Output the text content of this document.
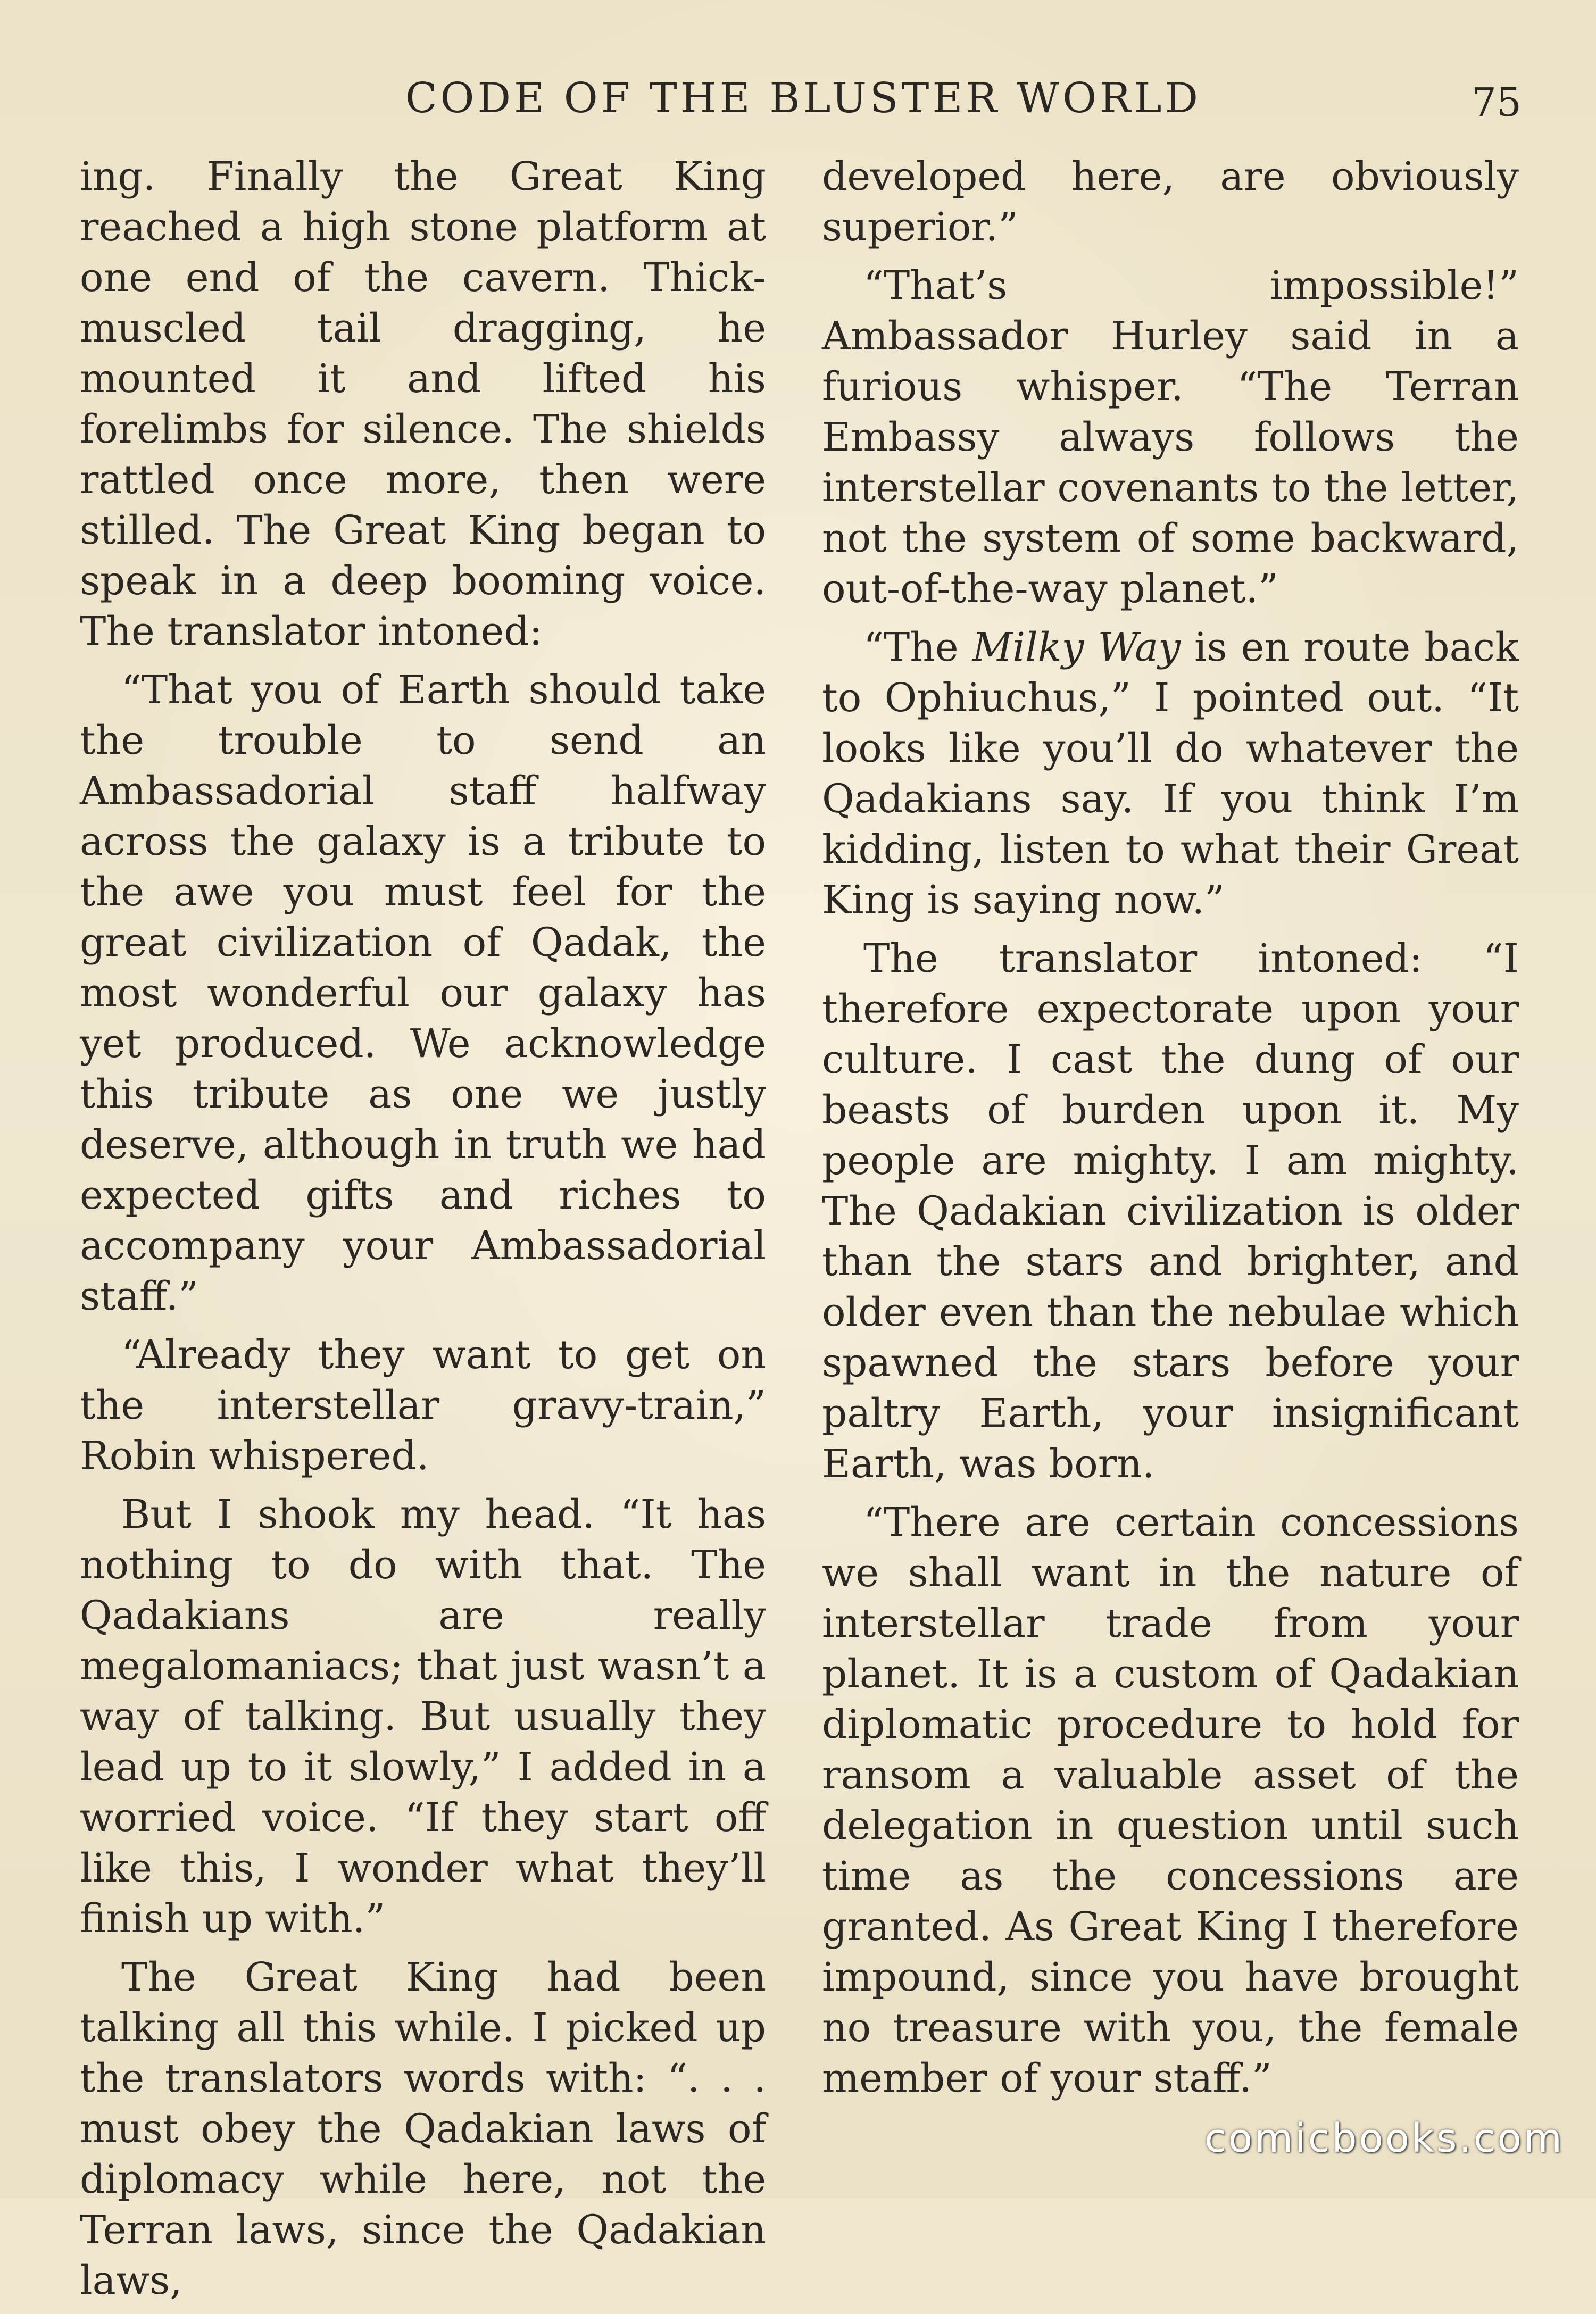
CODE OF THE BLUSTER WORLD	75

ing. Finally the Great King reached a high stone platform at one end of the cavern. Thick-muscled tail dragging, he mounted it and lifted his forelimbs for silence. The shields rattled once more, then were stilled. The Great King began to speak in a deep booming voice. The translator intoned:

“That you of Earth should take the trouble to send an Ambassadorial staff halfway across the galaxy is a tribute to the awe you must feel for the great civilization of Qadak, the most wonderful our galaxy has yet produced. We acknowledge this tribute as one we justly deserve, although in truth we had expected gifts and riches to accompany your Ambassadorial staff.”

“Already they want to get on the interstellar gravy-train,” Robin whispered.

But I shook my head. “It has nothing to do with that. The Qadakians are really megalomaniacs; that just wasn’t a way of talking. But usually they lead up to it slowly,” I added in a worried voice. “If they start off like this, I wonder what they’ll finish up with.”

The Great King had been talking all this while. I picked up the translators words with: “. . . must obey the Qadakian laws of diplomacy while here, not the Terran laws, since the Qadakian laws,

developed here, are obviously superior.”

“That’s impossible!” Ambassador Hurley said in a furious whisper. “The Terran Embassy always follows the interstellar covenants to the letter, not the system of some backward, out-of-the-way planet.”

“The Milky Way is en route back to Ophiuchus,” I pointed out. “It looks like you’ll do whatever the Qadakians say. If you think I’m kidding, listen to what their Great King is saying now.”

The translator intoned: “I therefore expectorate upon your culture. I cast the dung of our beasts of burden upon it. My people are mighty. I am mighty. The Qadakian civilization is older than the stars and brighter, and older even than the nebulae which spawned the stars before your paltry Earth, your insignificant Earth, was born.

“There are certain concessions we shall want in the nature of interstellar trade from your planet. It is a custom of Qadakian diplomatic procedure to hold for ransom a valuable asset of the delegation in question until such time as the concessions are granted. As Great King I therefore impound, since you have brought no treasure with you, the female member of your staff.”

comicbooks.com
